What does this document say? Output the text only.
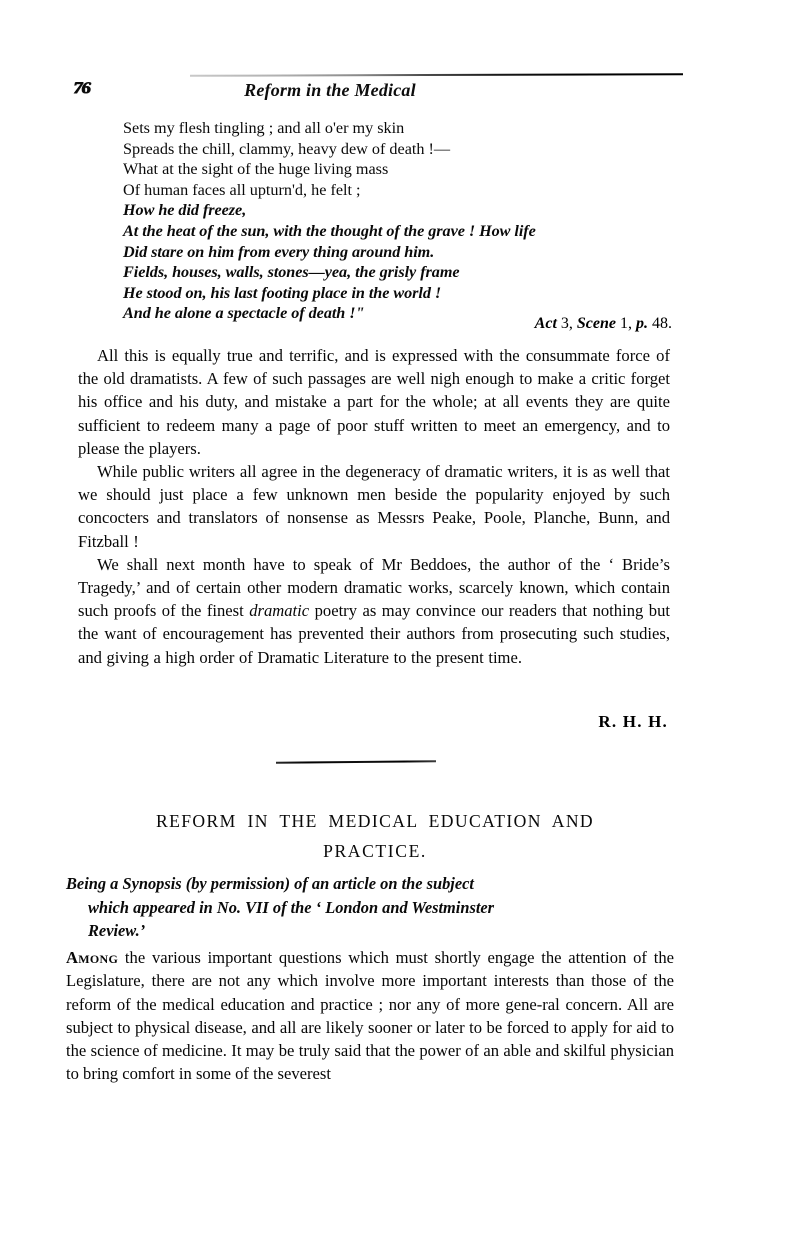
76	Reform in the Medical
Sets my flesh tingling ; and all o'er my skin
Spreads the chill, clammy, heavy dew of death !—
What at the sight of the huge living mass
Of human faces all upturn'd, he felt ;
How he did freeze,
At the heat of the sun, with the thought of the grave ! How life
Did stare on him from every thing around him.
Fields, houses, walls, stones—yea, the grisly frame
He stood on, his last footing place in the world !
And he alone a spectacle of death !"
Act 3, Scene 1, p. 48.

All this is equally true and terrific, and is expressed with the consummate force of the old dramatists. A few of such passages are well nigh enough to make a critic forget his office and his duty, and mistake a part for the whole; at all events they are quite sufficient to redeem many a page of poor stuff written to meet an emergency, and to please the players.

While public writers all agree in the degeneracy of dramatic writers, it is as well that we should just place a few unknown men beside the popularity enjoyed by such concocters and translators of nonsense as Messrs Peake, Poole, Planche, Bunn, and Fitzball !

We shall next month have to speak of Mr Beddoes, the author of the ‘ Bride’s Tragedy,’ and of certain other modern dramatic works, scarcely known, which contain such proofs of the finest dramatic poetry as may convince our readers that nothing but the want of encouragement has prevented their authors from prosecuting such studies, and giving a high order of Dramatic Literature to the present time.

R. H. H.
REFORM IN THE MEDICAL EDUCATION AND
PRACTICE.
Being a Synopsis (by permission) of an article on the subject
which appeared in No. VII of the ‘ London and Westminster
Review.’

Among the various important questions which must shortly engage the attention of the Legislature, there are not any which involve more important interests than those of the reform of the medical education and practice ; nor any of more gene-ral concern. All are subject to physical disease, and all are likely sooner or later to be forced to apply for aid to the science of medicine. It may be truly said that the power of an able and skilful physician to bring comfort in some of the severest
